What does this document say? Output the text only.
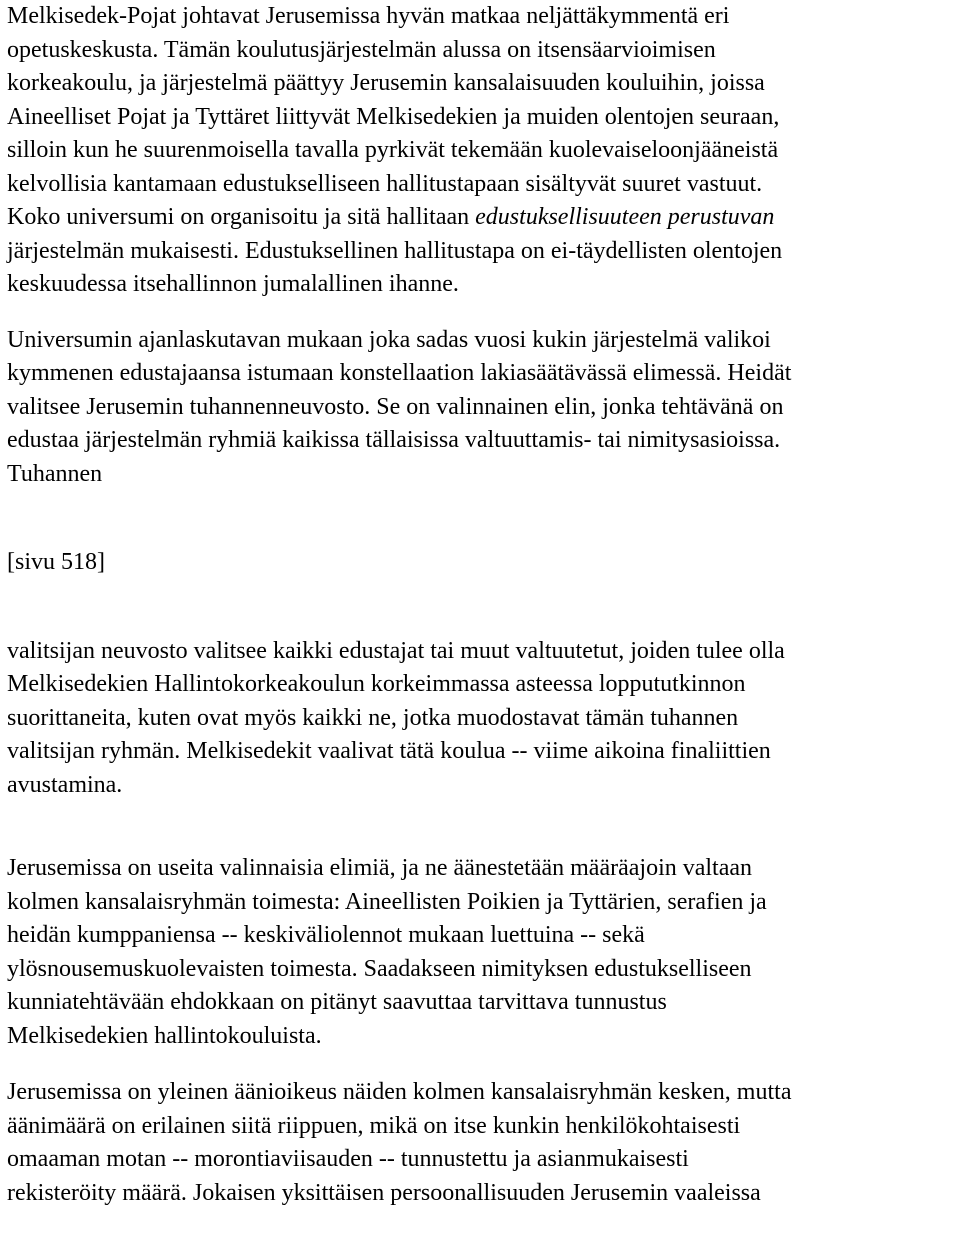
Melkisedek-Pojat johtavat Jerusemissa hyvän matkaa neljättäkymmentä eri
opetuskeskusta. Tämän koulutusjärjestelmän alussa on itsensäarvioimisen
korkeakoulu, ja järjestelmä päättyy Jerusemin kansalaisuuden kouluihin, joissa
Aineelliset Pojat ja Tyttäret liittyvät Melkisedekien ja muiden olentojen seuraan,
silloin kun he suurenmoisella tavalla pyrkivät tekemään kuolevaiseloonjääneistä
kelvollisia kantamaan edustukselliseen hallitustapaan sisältyvät suuret vastuut.
Koko universumi on organisoitu ja sitä hallitaan edustuksellisuuteen perustuvan
järjestelmän mukaisesti. Edustuksellinen hallitustapa on ei-täydellisten olentojen
keskuudessa itsehallinnon jumalallinen ihanne.
Universumin ajanlaskutavan mukaan joka sadas vuosi kukin järjestelmä valikoi
kymmenen edustajaansa istumaan konstellaation lakiasäätävässä elimessä. Heidät
valitsee Jerusemin tuhannenneuvosto. Se on valinnainen elin, jonka tehtävänä on
edustaa järjestelmän ryhmiä kaikissa tällaisissa valtuuttamis- tai nimitysasioissa.
Tuhannen
[sivu 518]
valitsijan neuvosto valitsee kaikki edustajat tai muut valtuutetut, joiden tulee olla
Melkisedekien Hallintokorkeakoulun korkeimmassa asteessa loppututkinnon
suorittaneita, kuten ovat myös kaikki ne, jotka muodostavat tämän tuhannen
valitsijan ryhmän. Melkisedekit vaalivat tätä koulua -- viime aikoina finaliittien
avustamina.
Jerusemissa on useita valinnaisia elimiä, ja ne äänestetään määräajoin valtaan
kolmen kansalaisryhmän toimesta: Aineellisten Poikien ja Tyttärien, serafien ja
heidän kumppaniensa -- keskiväliolennot mukaan luettuina -- sekä
ylösnousemuskuolevaisten toimesta. Saadakseen nimityksen edustukselliseen
kunniatehtävään ehdokkaan on pitänyt saavuttaa tarvittava tunnustus
Melkisedekien hallintokouluista.
Jerusemissa on yleinen äänioikeus näiden kolmen kansalaisryhmän kesken, mutta
äänimäärä on erilainen siitä riippuen, mikä on itse kunkin henkilökohtaisesti
omaaman motan -- morontiaviisauden -- tunnustettu ja asianmukaisesti
rekisteröity määrä. Jokaisen yksittäisen persoonallisuuden Jerusemin vaaleissa
